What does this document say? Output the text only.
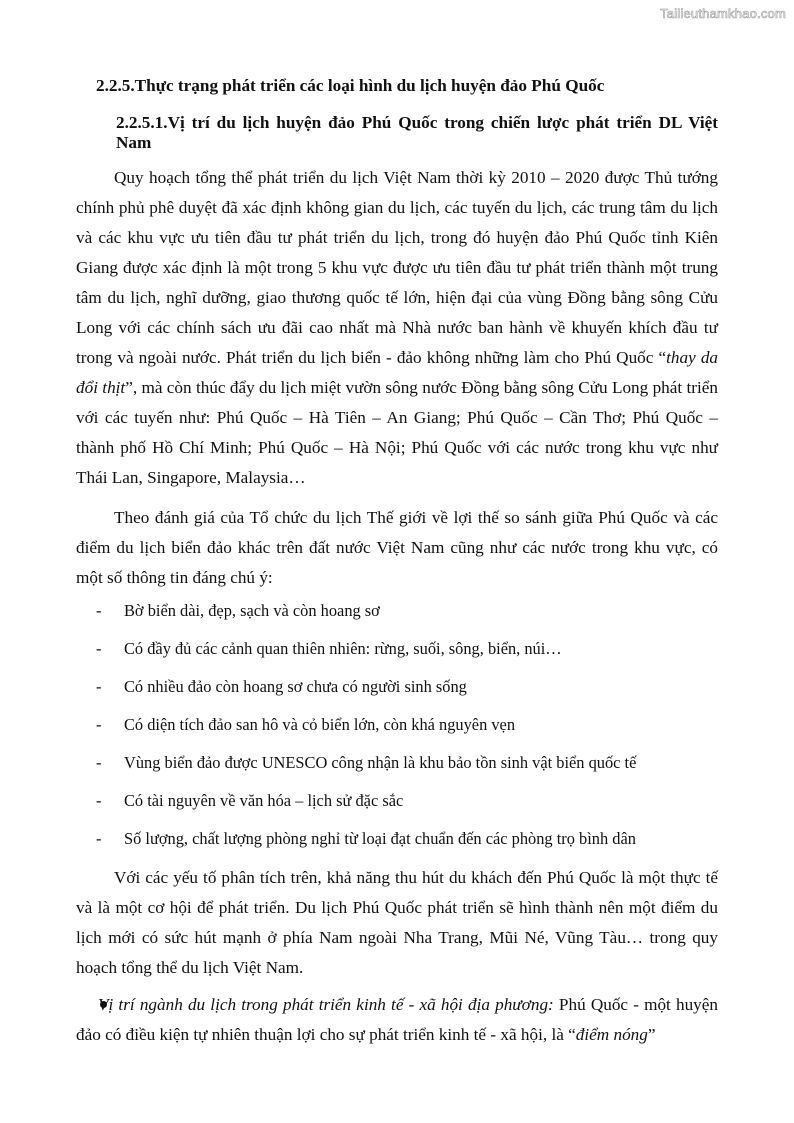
Tailieuthamkhao.com
2.2.5.Thực trạng phát triển các loại hình du lịch huyện đảo Phú Quốc
2.2.5.1.Vị trí du lịch huyện đảo Phú Quốc trong chiến lược phát triển DL Việt Nam

Quy hoạch tổng thể phát triển du lịch Việt Nam thời kỳ 2010 – 2020 được Thủ tướng chính phủ phê duyệt đã xác định không gian du lịch, các tuyến du lịch, các trung tâm du lịch và các khu vực ưu tiên đầu tư phát triển du lịch, trong đó huyện đảo Phú Quốc tỉnh Kiên Giang được xác định là một trong 5 khu vực được ưu tiên đầu tư phát triển thành một trung tâm du lịch, nghĩ dưỡng, giao thương quốc tế lớn, hiện đại của vùng Đồng bằng sông Cửu Long với các chính sách ưu đãi cao nhất mà Nhà nước ban hành về khuyến khích đầu tư trong và ngoài nước. Phát triển du lịch biển - đảo không những làm cho Phú Quốc “thay da đổi thịt”, mà còn thúc đẩy du lịch miệt vườn sông nước Đồng bằng sông Cửu Long phát triển với các tuyến như: Phú Quốc – Hà Tiên – An Giang; Phú Quốc – Cần Thơ; Phú Quốc – thành phố Hồ Chí Minh; Phú Quốc – Hà Nội; Phú Quốc với các nước trong khu vực như Thái Lan, Singapore, Malaysia…

Theo đánh giá của Tổ chức du lịch Thế giới về lợi thế so sánh giữa Phú Quốc và các điểm du lịch biển đảo khác trên đất nước Việt Nam cũng như các nước trong khu vực, có một số thông tin đáng chú ý:

- Bờ biển dài, đẹp, sạch và còn hoang sơ
- Có đầy đủ các cảnh quan thiên nhiên: rừng, suối, sông, biển, núi…
- Có nhiều đảo còn hoang sơ chưa có người sinh sống
- Có diện tích đảo san hô và cỏ biển lớn, còn khá nguyên vẹn
- Vùng biển đảo được UNESCO công nhận là khu bảo tồn sinh vật biển quốc tế
- Có tài nguyên về văn hóa – lịch sử đặc sắc
- Số lượng, chất lượng phòng nghỉ từ loại đạt chuẩn đến các phòng trọ bình dân

Với các yếu tố phân tích trên, khả năng thu hút du khách đến Phú Quốc là một thực tế và là một cơ hội để phát triển. Du lịch Phú Quốc phát triển sẽ hình thành nên một điểm du lịch mới có sức hút mạnh ở phía Nam ngoài Nha Trang, Mũi Né, Vũng Tàu… trong quy hoạch tổng thể du lịch Việt Nam.

Vị trí ngành du lịch trong phát triển kinh tế - xã hội địa phương: Phú Quốc - một huyện đảo có điều kiện tự nhiên thuận lợi cho sự phát triển kinh tế - xã hội, là “điểm nóng”
